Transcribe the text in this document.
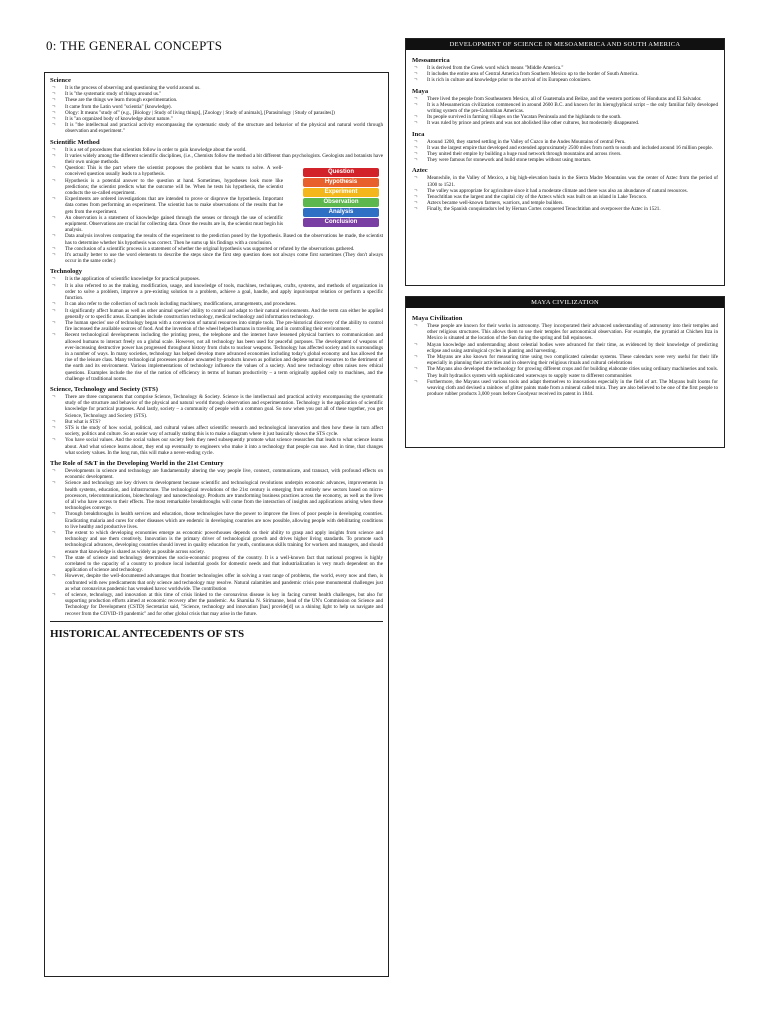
0: THE GENERAL CONCEPTS
Science
¬ It is the process of observing and questioning the world around us.
¬ It is "the systematic study of things around us."
¬ These are the things we learn through experimentation.
¬ It came from the Latin word "scientia" (knowledge).
¬ Ology: It means "study of" (e.g., [Biology | Study of living things], [Zoology | Study of animals], [Parasitology | Study of parasites])
¬ It is "an organized body of knowledge about nature."
¬ It is "the intellectual and practical activity encompassing the systematic study of the structure and behavior of the physical and natural world through observation and experiment."
Scientific Method
¬ It is a set of procedures that scientists follow in order to gain knowledge about the world.
¬ It varies widely among the different scientific disciplines, (i.e., Chemists follow the method a bit different than psychologists. Geologists and botanists have their own unique methods.
Question
Hypothesis
Experiment
Observation
Analysis
Conclusion
¬ Question: This is the part where the scientist proposes the problem that he wants to solve. A well-conceived question usually leads to a hypothesis.
¬ Hypothesis is a potential answer to the question at hand. Sometimes, hypotheses look more like predictions; the scientist predicts what the outcome will be. When he tests his hypothesis, the scientist conducts the so-called experiment.
¬ Experiments are ordered investigations that are intended to prove or disprove the hypothesis. Important data comes from performing an experiment. The scientist has to make observations of the results that he gets from the experiment.
¬ An observation is a statement of knowledge gained through the senses or through the use of scientific equipment. Observations are crucial for collecting data. Once the results are in, the scientist must begin his analysis.
¬ Data analysis involves comparing the results of the experiment to the prediction posed by the hypothesis. Based on the observations he made, the scientist has to determine whether his hypothesis was correct. Then he sums up his findings with a conclusion.
¬ The conclusion of a scientific process is a statement of whether the original hypothesis was supported or refuted by the observations gathered.
¬ It's actually better to use the word elements to describe the steps since the first step question does not always come first sometimes (They don't always occur in the same order.)
Technology
¬ It is the application of scientific knowledge for practical purposes.
¬ It is also referred to as the making, modification, usage, and knowledge of tools, machines, techniques, crafts, systems, and methods of organization in order to solve a problem, improve a pre-existing solution to a problem, achieve a goal, handle, and apply input/output relation or perform a specific function.
¬ It can also refer to the collection of such tools including machinery, modifications, arrangements, and procedures.
¬ It significantly affect human as well as other animal species' ability to control and adapt to their natural environments. And the term can either be applied generally or to specific areas. Examples include construction technology, medical technology and information technology.
¬ The human species' use of technology began with a conversion of natural resources into simple tools. The pre-historical discovery of the ability to control fire increased the available sources of food. And the invention of the wheel helped humans in traveling and in controlling their environment.
¬ Recent technological developments including the printing press, the telephone and the internet have lessened physical barriers to communication and allowed humans to interact freely on a global scale. However, not all technology has been used for peaceful purposes. The development of weapons of ever-increasing destructive power has progressed throughout history from clubs to nuclear weapons. Technology has affected society and its surroundings in a number of ways. In many societies, technology has helped develop more advanced economies including today's global economy and has allowed the rise of the leisure class. Many technological processes produce unwanted by-products known as pollution and deplete natural resources to the detriment of the earth and its environment. Various implementations of technology influence the values of a society. And new technology often raises new ethical questions. Examples include the rise of the notion of efficiency in terms of human productivity – a term originally applied only to machines, and the challenge of traditional norms.
Science, Technology and Society (STS)
¬ There are three components that comprise Science, Technology & Society. Science is the intellectual and practical activity encompassing the systematic study of the structure and behavior of the physical and natural world through observation and experimentation. Technology is the application of scientific knowledge for practical purposes. And lastly, society – a community of people with a common goal. So now when you put all of these together, you get Science, Technology and Society (STS).
¬ But what is STS?
¬ STS is the study of how social, political, and cultural values affect scientific research and technological innovation and then how these in turn affect society, politics and culture. So an easier way of actually stating this is to make a diagram where it just basically shows the STS cycle.
¬ You have social values. And the social values our society feels they need subsequently promote what science researches that leads to what science learns about. And what science learns about, they end up eventually to engineers who make it into a technology that people can use. And in time, that changes what society values. In the long run, this will make a never-ending cycle.
The Role of S&T in the Developing World in the 21st Century
¬ Developments in science and technology are fundamentally altering the way people live, connect, communicate, and transact, with profound effects on economic development.
¬ Science and technology are key drivers to development because scientific and technological revolutions underpin economic advances, improvements in health systems, education, and infrastructure. The technological revolutions of the 21st century is emerging from entirely new sectors based on micro-processors, telecommunications, biotechnology and nanotechnology. Products are transforming business practices across the economy, as well as the lives of all who have access to their effects. The most remarkable breakthroughs will come from the interaction of insights and applications arising when these technologies converge.
¬ Through breakthroughs in health services and education, those technologies have the power to improve the lives of poor people in developing countries. Eradicating malaria and cures for other diseases which are endemic in developing countries are now possible, allowing people with debilitating conditions to live healthy and productive lives.
¬ The extent to which developing economies emerge as economic powerhouses depends on their ability to grasp and apply insights from science and technology and use them creatively. Innovation is the primary driver of technological growth and drives higher living standards. To promote such technological advances, developing countries should invest in quality education for youth, continuous skills training for workers and managers, and should ensure that knowledge is shared as widely as possible across society.
¬ The state of science and technology determines the socio-economic progress of the country. It is a well-known fact that national progress is highly correlated to the capacity of a country to produce local industrial goods for domestic needs and that industrialization is very much dependent on the application of science and technology.
¬ However, despite the well-documented advantages that frontier technologies offer in solving a vast range of problems, the world, every now and then, is confronted with new predicaments that only science and technology may resolve. Natural calamities and pandemic crisis pose monumental challenges just as what coronavirus pandemic has wreaked havoc worldwide. The contribution
¬ of science, technology, and innovation at this time of crisis linked to the coronavirus disease is key in facing current health challenges, but also for supporting production efforts aimed at economic recovery after the pandemic. As Shamika N. Sirimanne, head of the UN's Commission on Science and Technology for Development (CSTD) Secretariat said, "Science, technology and innovation [has] provide[d] us a shining light to help us navigate and recover from the COVID-19 pandemic" and for other global crisis that may arise in the future.
HISTORICAL ANTECEDENTS OF STS
DEVELOPMENT OF SCIENCE IN MESOAMERICA AND SOUTH AMERICA
Mesoamerica
¬ It is derived from the Greek word which means "Middle America."
¬ It includes the entire area of Central America from Southern Mexico up to the border of South America.
¬ It is rich in culture and knowledge prior to the arrival of its European colonizers.
Maya
¬ There lived the people from Southeastern Mexico, all of Guatemala and Belize, and the western portions of Honduras and El Salvador.
¬ It is a Mesoamerican civilization commenced in around 2600 B.C. and known for its hieroglyphical script – the only familiar fully developed writing system of the pre-Columbian Americas.
¬ Its people survived in farming villages on the Yucatan Peninsula and the highlands to the south.
¬ It was ruled by prince and priests and was not abolished like other cultures, but moderately disappeared.
Inca
¬ Around 1200, they started settling in the Valley of Cuzco in the Andes Mountains of central Peru.
¬ It was the largest empire that developed and extended approximately 2500 miles from north to south and included around 16 million people.
¬ They united their empire by building a huge road network through mountains and across rivers.
¬ They were famous for stonework and build stone temples without using mortars.
Aztec
¬ Meanwhile, in the Valley of Mexico, a big high-elevation basin in the Sierra Madre Mountains was the center of Aztec from the period of 1300 to 1521.
¬ The valley was appropriate for agriculture since it had a moderate climate and there was also an abundance of natural resources.
¬ Tenochtitlan was the largest and the capital city of the Aztecs which was built on an island in Lake Texcoco.
¬ Aztecs became well-known farmers, warriors, and temple builders.
¬ Finally, the Spanish conquistadors led by Hernan Cortes conquered Tenochtitlan and overpower the Aztec in 1521.
MAYA CIVILIZATION
Maya Civilization
¬ These people are known for their works in astronomy. They incorporated their advanced understanding of astronomy into their temples and other religious structures. This allows them to use their temples for astronomical observation. For example, the pyramid at Chichen Itza in Mexico is situated at the location of the Sun during the spring and fall equinoxes.
¬ Mayan knowledge and understanding about celestial bodies were advanced for their time, as evidenced by their knowledge of predicting eclipse and using astrological cycles in planting and harvesting.
¬ The Mayans are also known for measuring time using two complicated calendar systems. These calendars were very useful for their life especially in planning their activities and in observing their religious rituals and cultural celebrations
¬ The Mayans also developed the technology for growing different crops and for building elaborate cities using ordinary machineries and tools. They built hydraulics system with sophisticated waterways to supply water to different communities
¬ Furthermore, the Mayans used various tools and adapt themselves to innovations especially in the field of art. The Mayans built looms for weaving cloth and devised a rainbow of glitter paints made from a mineral called mica. They are also believed to be one of the first people to produce rubber products 3,000 years before Goodyear received its patent in 1844.
